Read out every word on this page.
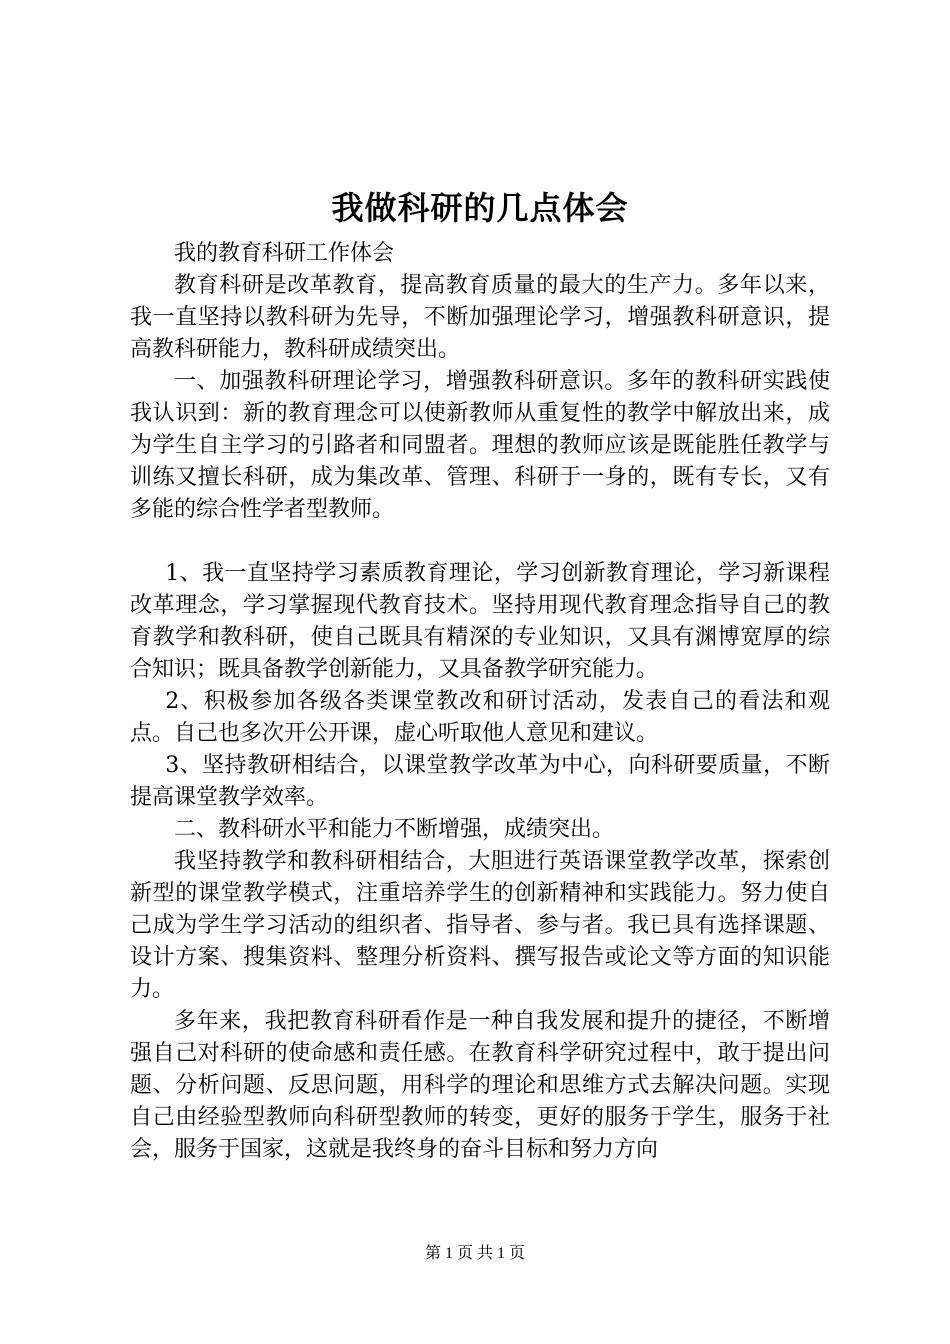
我做科研的几点体会

我的教育科研工作体会

教育科研是改革教育，提高教育质量的最大的生产力。多年以来，我一直坚持以教科研为先导，不断加强理论学习，增强教科研意识，提高教科研能力，教科研成绩突出。

一、加强教科研理论学习，增强教科研意识。多年的教科研实践使我认识到：新的教育理念可以使新教师从重复性的教学中解放出来，成为学生自主学习的引路者和同盟者。理想的教师应该是既能胜任教学与训练又擅长科研，成为集改革、管理、科研于一身的，既有专长，又有多能的综合性学者型教师。

1、我一直坚持学习素质教育理论，学习创新教育理论，学习新课程改革理念，学习掌握现代教育技术。坚持用现代教育理念指导自己的教育教学和教科研，使自己既具有精深的专业知识，又具有渊博宽厚的综合知识；既具备教学创新能力，又具备教学研究能力。

2、积极参加各级各类课堂教改和研讨活动，发表自己的看法和观点。自己也多次开公开课，虚心听取他人意见和建议。

3、坚持教研相结合，以课堂教学改革为中心，向科研要质量，不断提高课堂教学效率。

二、教科研水平和能力不断增强，成绩突出。

我坚持教学和教科研相结合，大胆进行英语课堂教学改革，探索创新型的课堂教学模式，注重培养学生的创新精神和实践能力。努力使自己成为学生学习活动的组织者、指导者、参与者。我已具有选择课题、设计方案、搜集资料、整理分析资料、撰写报告或论文等方面的知识能力。

多年来，我把教育科研看作是一种自我发展和提升的捷径，不断增强自己对科研的使命感和责任感。在教育科学研究过程中，敢于提出问题、分析问题、反思问题，用科学的理论和思维方式去解决问题。实现自己由经验型教师向科研型教师的转变，更好的服务于学生，服务于社会，服务于国家，这就是我终身的奋斗目标和努力方向

第 1 页 共 1 页
